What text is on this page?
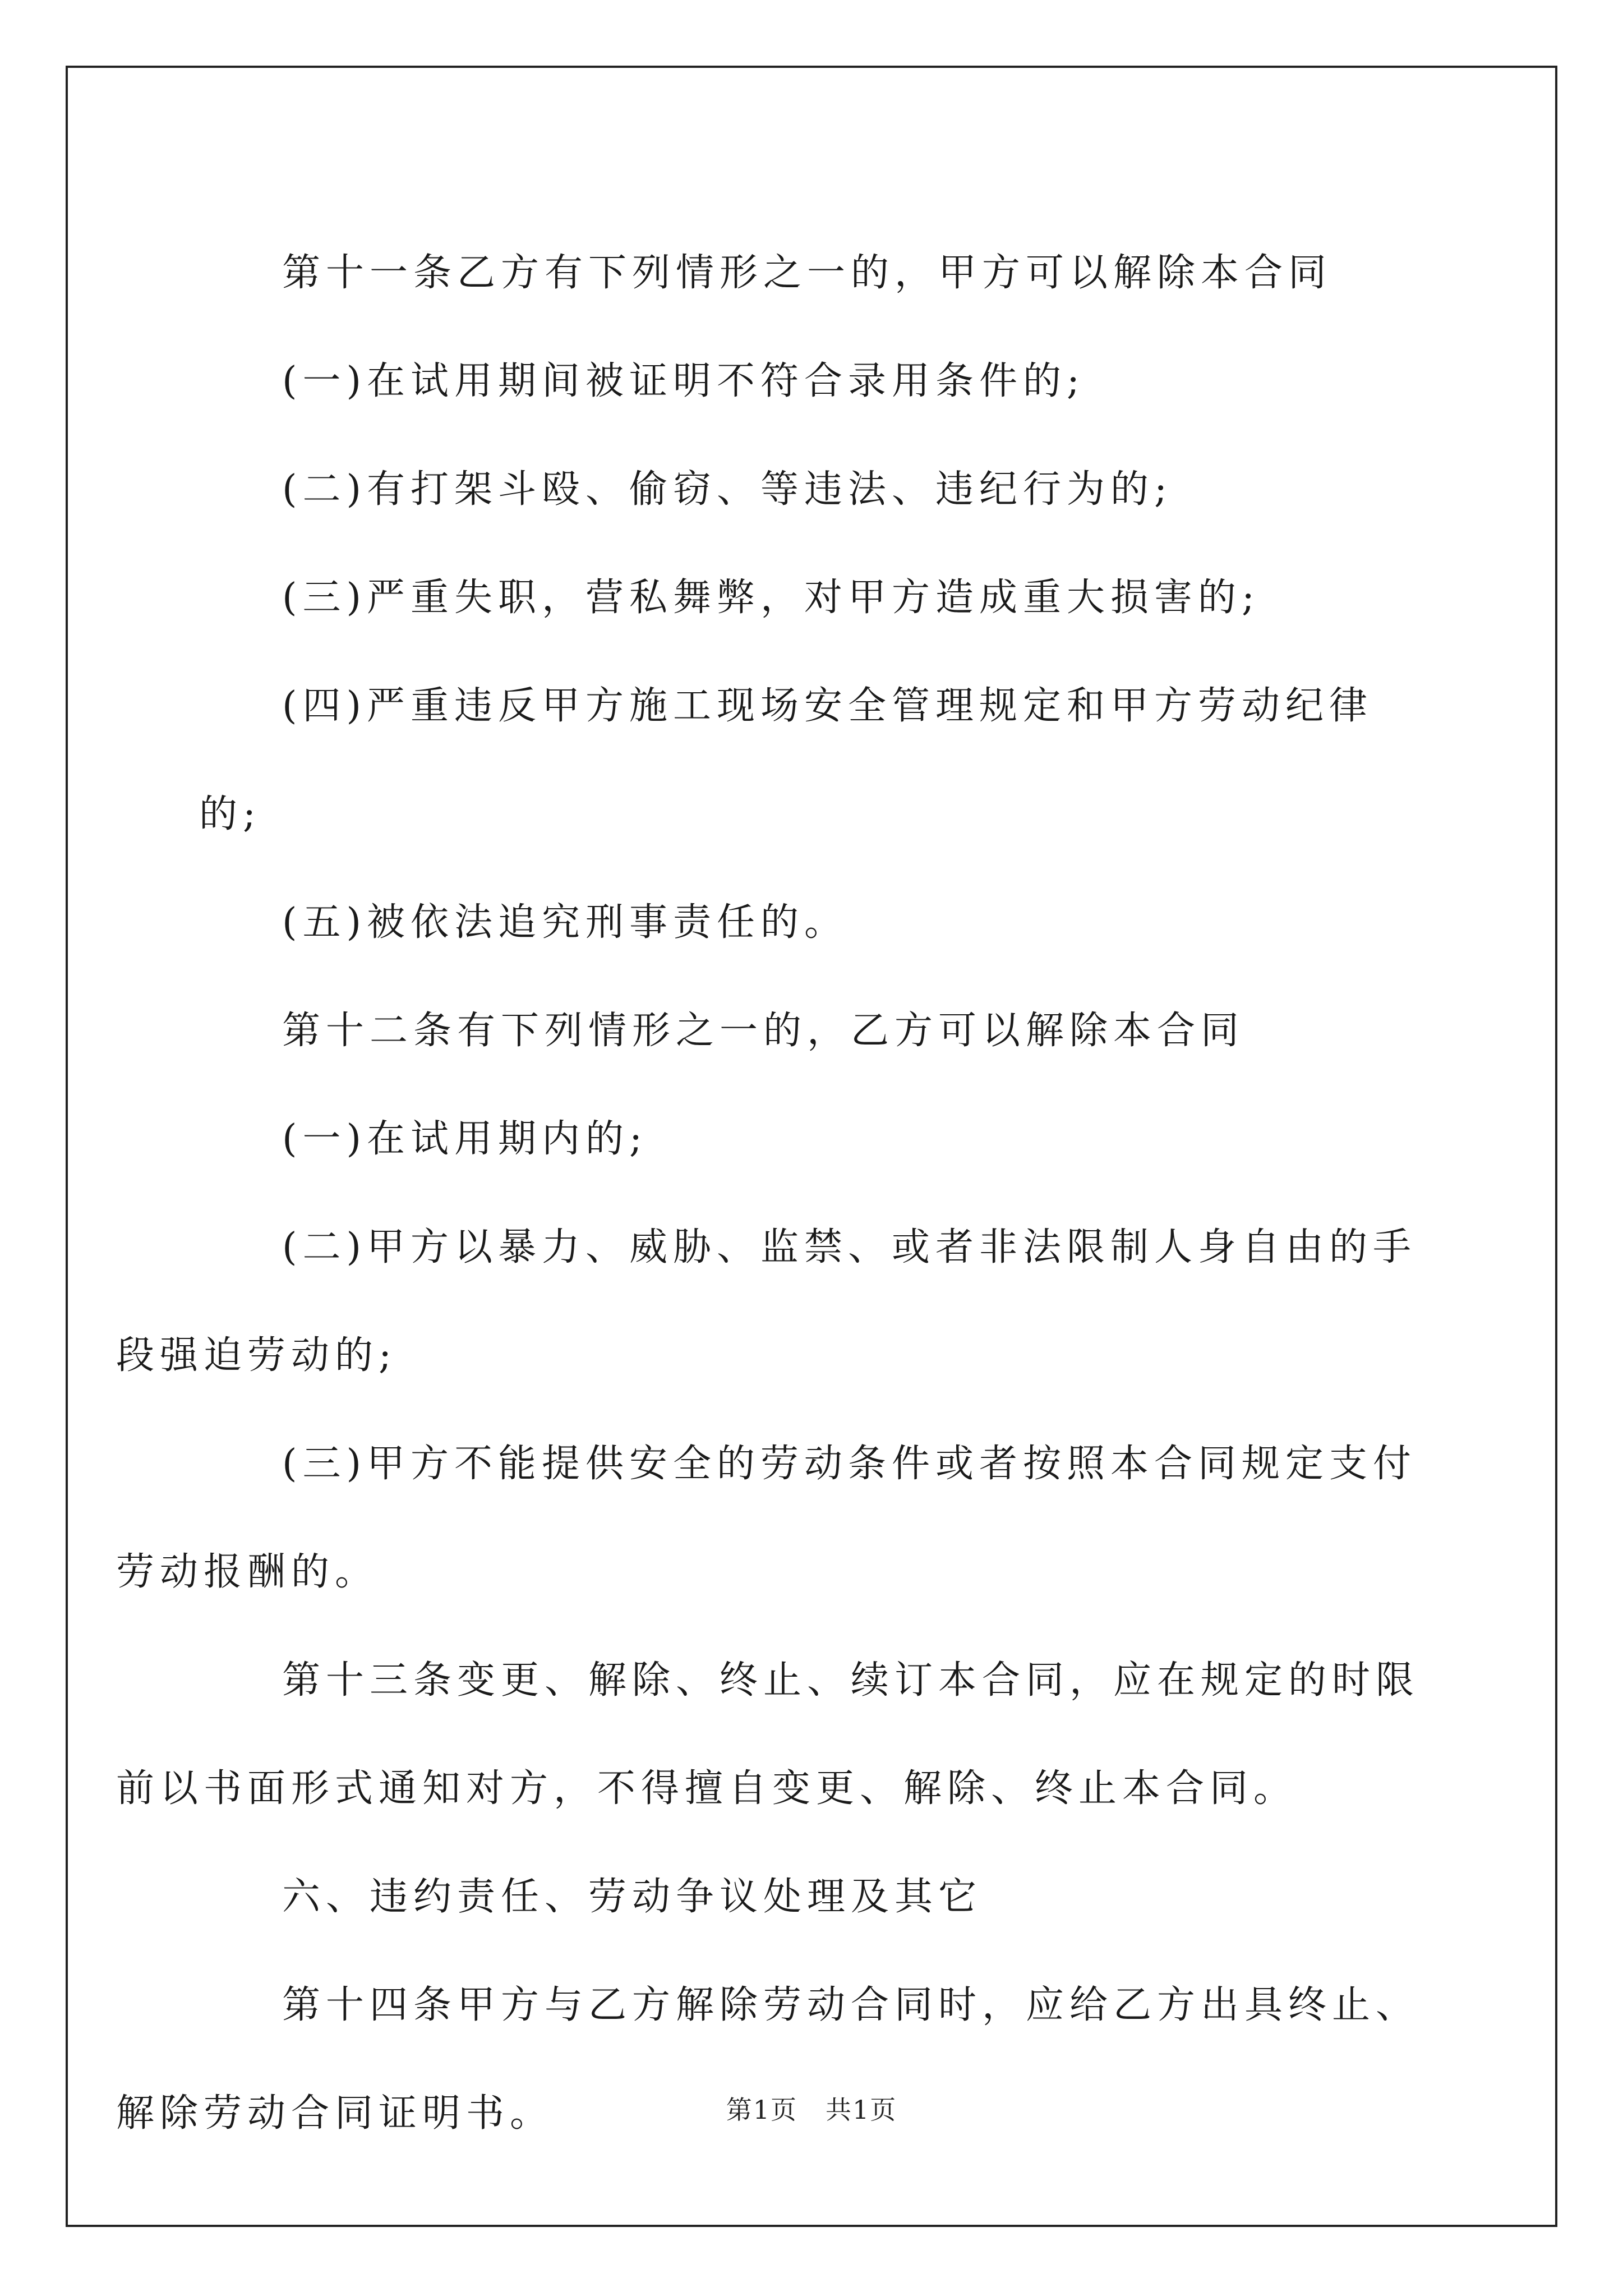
第十一条乙方有下列情形之一的，甲方可以解除本合同

(一)在试用期间被证明不符合录用条件的;

(二)有打架斗殴、偷窃、等违法、违纪行为的;

(三)严重失职，营私舞弊，对甲方造成重大损害的;

(四)严重违反甲方施工现场安全管理规定和甲方劳动纪律的;

(五)被依法追究刑事责任的。

第十二条有下列情形之一的，乙方可以解除本合同

(一)在试用期内的;

(二)甲方以暴力、威胁、监禁、或者非法限制人身自由的手段强迫劳动的;

(三)甲方不能提供安全的劳动条件或者按照本合同规定支付劳动报酬的。

第十三条变更、解除、终止、续订本合同，应在规定的时限前以书面形式通知对方，不得擅自变更、解除、终止本合同。

六、违约责任、劳动争议处理及其它

第十四条甲方与乙方解除劳动合同时，应给乙方出具终止、解除劳动合同证明书。	第1页 共1页
